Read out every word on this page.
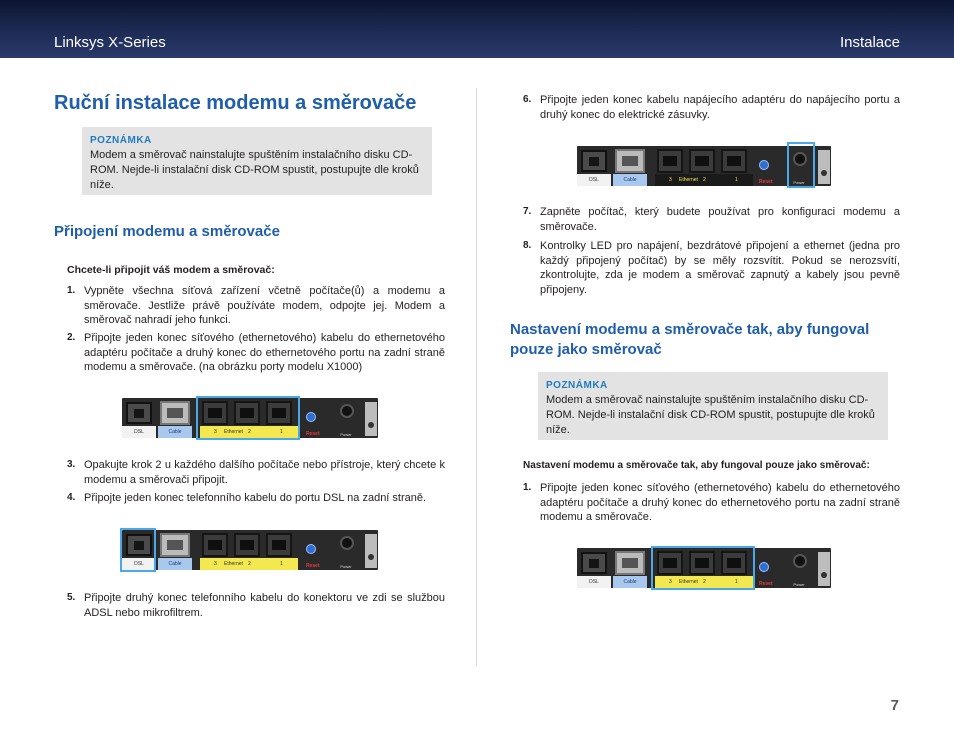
Linksys X-Series	Instalace
Ruční instalace modemu a směrovače
POZNÁMKA
Modem a směrovač nainstalujte spuštěním instalačního disku CD-ROM. Nejde-li instalační disk CD-ROM spustit, postupujte dle kroků níže.
Připojení modemu a směrovače
Chcete-li připojit váš modem a směrovač:
1. Vypněte všechna síťová zařízení včetně počítače(ů) a modemu a směrovače. Jestliže právě používáte modem, odpojte jej. Modem a směrovač nahradí jeho funkci.
2. Připojte jeden konec síťového (ethernetového) kabelu do ethernetového adaptéru počítače a druhý konec do ethernetového portu na zadní straně modemu a směrovače. (na obrázku porty modelu X1000)
DSL	Cable	3 Ethernet 2	1	Reset	Power
3. Opakujte krok 2 u každého dalšího počítače nebo přístroje, který chcete k modemu a směrovači připojit.
4. Připojte jeden konec telefonního kabelu do portu DSL na zadní straně.
DSL	Cable	3 Ethernet 2	1	Reset	Power
5. Připojte druhý konec telefonního kabelu do konektoru ve zdi se službou ADSL nebo mikrofiltrem.
6. Připojte jeden konec kabelu napájecího adaptéru do napájecího portu a druhý konec do elektrické zásuvky.
DSL	Cable	3 Ethernet 2	1	Reset	Power
7. Zapněte počítač, který budete používat pro konfiguraci modemu a směrovače.
8. Kontrolky LED pro napájení, bezdrátové připojení a ethernet (jedna pro každý připojený počítač) by se měly rozsvítit. Pokud se nerozsvítí, zkontrolujte, zda je modem a směrovač zapnutý a kabely jsou pevně připojeny.
Nastavení modemu a směrovače tak, aby fungoval pouze jako směrovač
POZNÁMKA
Modem a směrovač nainstalujte spuštěním instalačního disku CD-ROM. Nejde-li instalační disk CD-ROM spustit, postupujte dle kroků níže.
Nastavení modemu a směrovače tak, aby fungoval pouze jako směrovač:
1. Připojte jeden konec síťového (ethernetového) kabelu do ethernetového adaptéru počítače a druhý konec do ethernetového portu na zadní straně modemu a směrovače.
DSL	Cable	3 Ethernet 2	1	Reset	Power
7
